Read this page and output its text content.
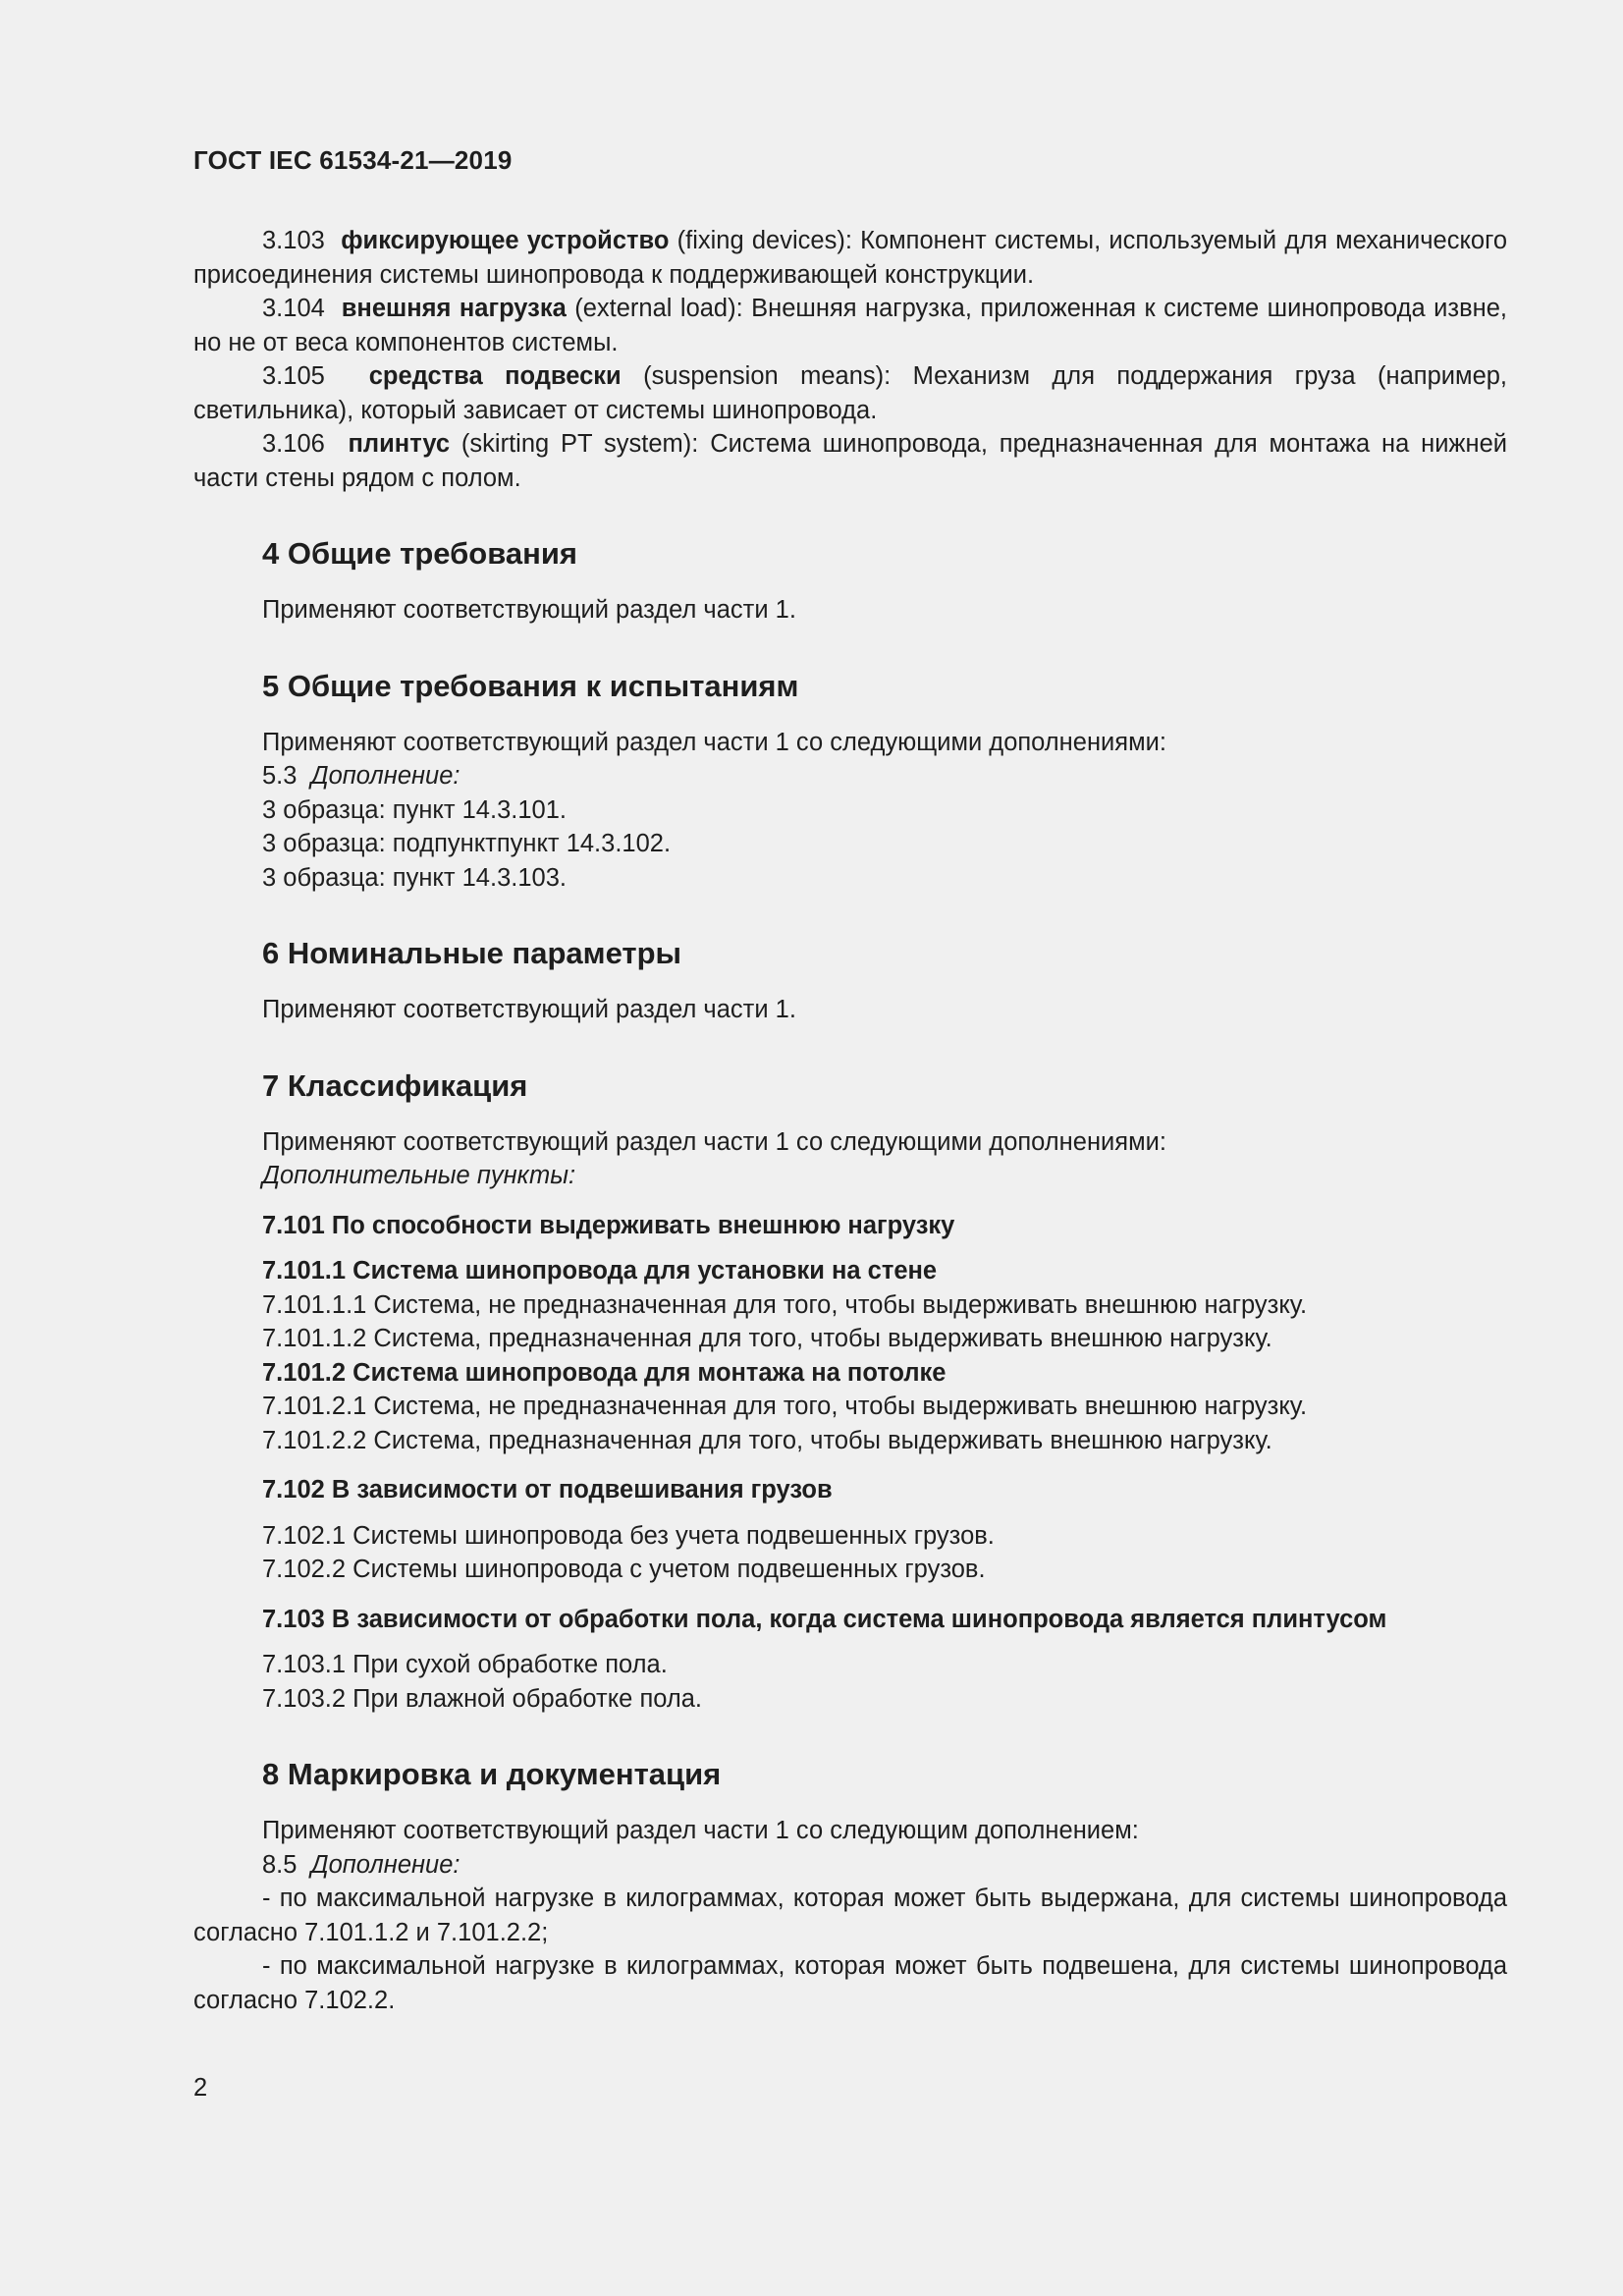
ГОСТ IEC 61534-21—2019

3.103 фиксирующее устройство (fixing devices): Компонент системы, используемый для механического присоединения системы шинопровода к поддерживающей конструкции.

3.104 внешняя нагрузка (external load): Внешняя нагрузка, приложенная к системе шинопровода извне, но не от веса компонентов системы.

3.105 средства подвески (suspension means): Механизм для поддержания груза (например, светильника), который зависает от системы шинопровода.

3.106 плинтус (skirting PT system): Система шинопровода, предназначенная для монтажа на нижней части стены рядом с полом.

4 Общие требования

Применяют соответствующий раздел части 1.

5 Общие требования к испытаниям

Применяют соответствующий раздел части 1 со следующими дополнениями:

5.3 Дополнение:

3 образца: пункт 14.3.101.

3 образца: подпунктпункт 14.3.102.

3 образца: пункт 14.3.103.

6 Номинальные параметры

Применяют соответствующий раздел части 1.

7 Классификация

Применяют соответствующий раздел части 1 со следующими дополнениями:

Дополнительные пункты:

7.101 По способности выдерживать внешнюю нагрузку
7.101.1 Система шинопровода для установки на стене

7.101.1.1 Система, не предназначенная для того, чтобы выдерживать внешнюю нагрузку.

7.101.1.2 Система, предназначенная для того, чтобы выдерживать внешнюю нагрузку.

7.101.2 Система шинопровода для монтажа на потолке

7.101.2.1 Система, не предназначенная для того, чтобы выдерживать внешнюю нагрузку.

7.101.2.2 Система, предназначенная для того, чтобы выдерживать внешнюю нагрузку.

7.102 В зависимости от подвешивания грузов

7.102.1 Системы шинопровода без учета подвешенных грузов.

7.102.2 Системы шинопровода с учетом подвешенных грузов.

7.103 В зависимости от обработки пола, когда система шинопровода является плинтусом

7.103.1 При сухой обработке пола.

7.103.2 При влажной обработке пола.

8 Маркировка и документация

Применяют соответствующий раздел части 1 со следующим дополнением:

8.5 Дополнение:

- по максимальной нагрузке в килограммах, которая может быть выдержана, для системы шинопровода согласно 7.101.1.2 и 7.101.2.2;

- по максимальной нагрузке в килограммах, которая может быть подвешена, для системы шинопровода согласно 7.102.2.

2
